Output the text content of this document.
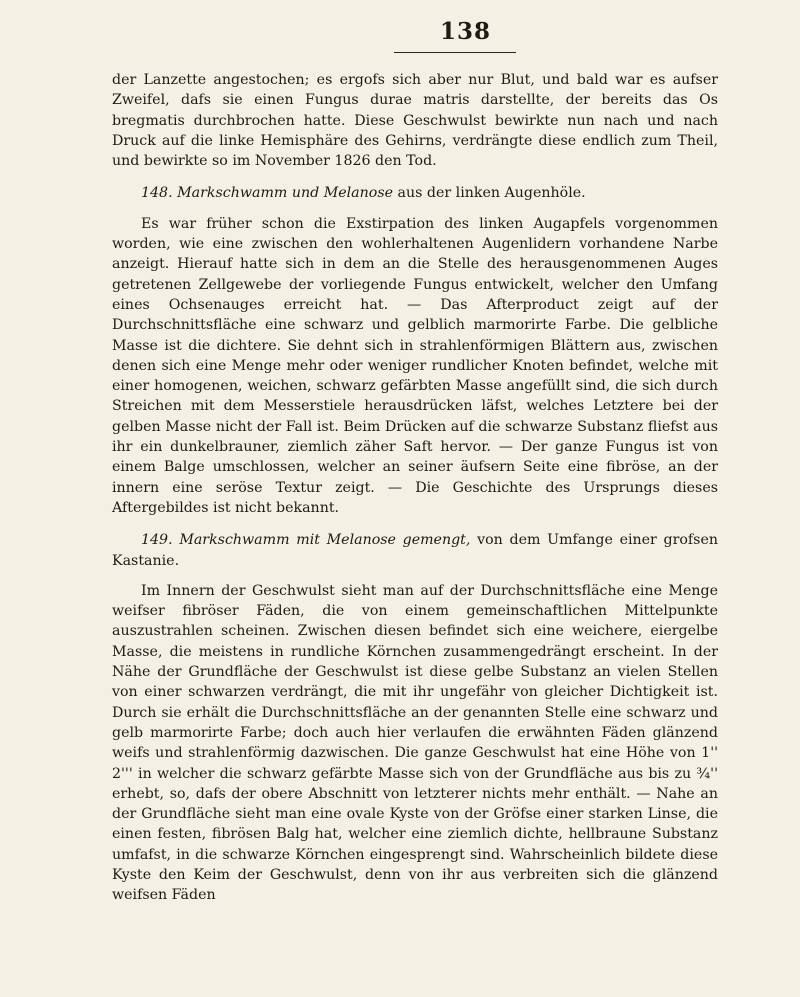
138

der Lanzette angestochen; es ergofs sich aber nur Blut, und bald war es aufser Zweifel, dafs sie einen Fungus durae matris darstellte, der bereits das Os bregmatis durchbrochen hatte. Diese Geschwulst bewirkte nun nach und nach Druck auf die linke Hemisphäre des Gehirns, verdrängte diese endlich zum Theil, und bewirkte so im November 1826 den Tod.

148. Markschwamm und Melanose aus der linken Augenhöle.

Es war früher schon die Exstirpation des linken Augapfels vorgenommen worden, wie eine zwischen den wohlerhaltenen Augenlidern vorhandene Narbe anzeigt. Hierauf hatte sich in dem an die Stelle des herausgenommenen Auges getretenen Zellgewebe der vorliegende Fungus entwickelt, welcher den Umfang eines Ochsenauges erreicht hat. — Das Afterproduct zeigt auf der Durchschnittsfläche eine schwarz und gelblich marmorirte Farbe. Die gelbliche Masse ist die dichtere. Sie dehnt sich in strahlenförmigen Blättern aus, zwischen denen sich eine Menge mehr oder weniger rundlicher Knoten befindet, welche mit einer homogenen, weichen, schwarz gefärbten Masse angefüllt sind, die sich durch Streichen mit dem Messerstiele herausdrücken läfst, welches Letztere bei der gelben Masse nicht der Fall ist. Beim Drücken auf die schwarze Substanz fliefst aus ihr ein dunkelbrauner, ziemlich zäher Saft hervor. — Der ganze Fungus ist von einem Balge umschlossen, welcher an seiner äufsern Seite eine fibröse, an der innern eine seröse Textur zeigt. — Die Geschichte des Ursprungs dieses Aftergebildes ist nicht bekannt.

149. Markschwamm mit Melanose gemengt, von dem Umfange einer grofsen Kastanie.

Im Innern der Geschwulst sieht man auf der Durchschnittsfläche eine Menge weifser fibröser Fäden, die von einem gemeinschaftlichen Mittelpunkte auszustrahlen scheinen. Zwischen diesen befindet sich eine weichere, eiergelbe Masse, die meistens in rundliche Körnchen zusammengedrängt erscheint. In der Nähe der Grundfläche der Geschwulst ist diese gelbe Substanz an vielen Stellen von einer schwarzen verdrängt, die mit ihr ungefähr von gleicher Dichtigkeit ist. Durch sie erhält die Durchschnittsfläche an der genannten Stelle eine schwarz und gelb marmorirte Farbe; doch auch hier verlaufen die erwähnten Fäden glänzend weifs und strahlenförmig dazwischen. Die ganze Geschwulst hat eine Höhe von 1'' 2''' in welcher die schwarz gefärbte Masse sich von der Grundfläche aus bis zu ¾'' erhebt, so, dafs der obere Abschnitt von letzterer nichts mehr enthält. — Nahe an der Grundfläche sieht man eine ovale Kyste von der Gröfse einer starken Linse, die einen festen, fibrösen Balg hat, welcher eine ziemlich dichte, hellbraune Substanz umfafst, in die schwarze Körnchen eingesprengt sind. Wahrscheinlich bildete diese Kyste den Keim der Geschwulst, denn von ihr aus verbreiten sich die glänzend weifsen Fäden
